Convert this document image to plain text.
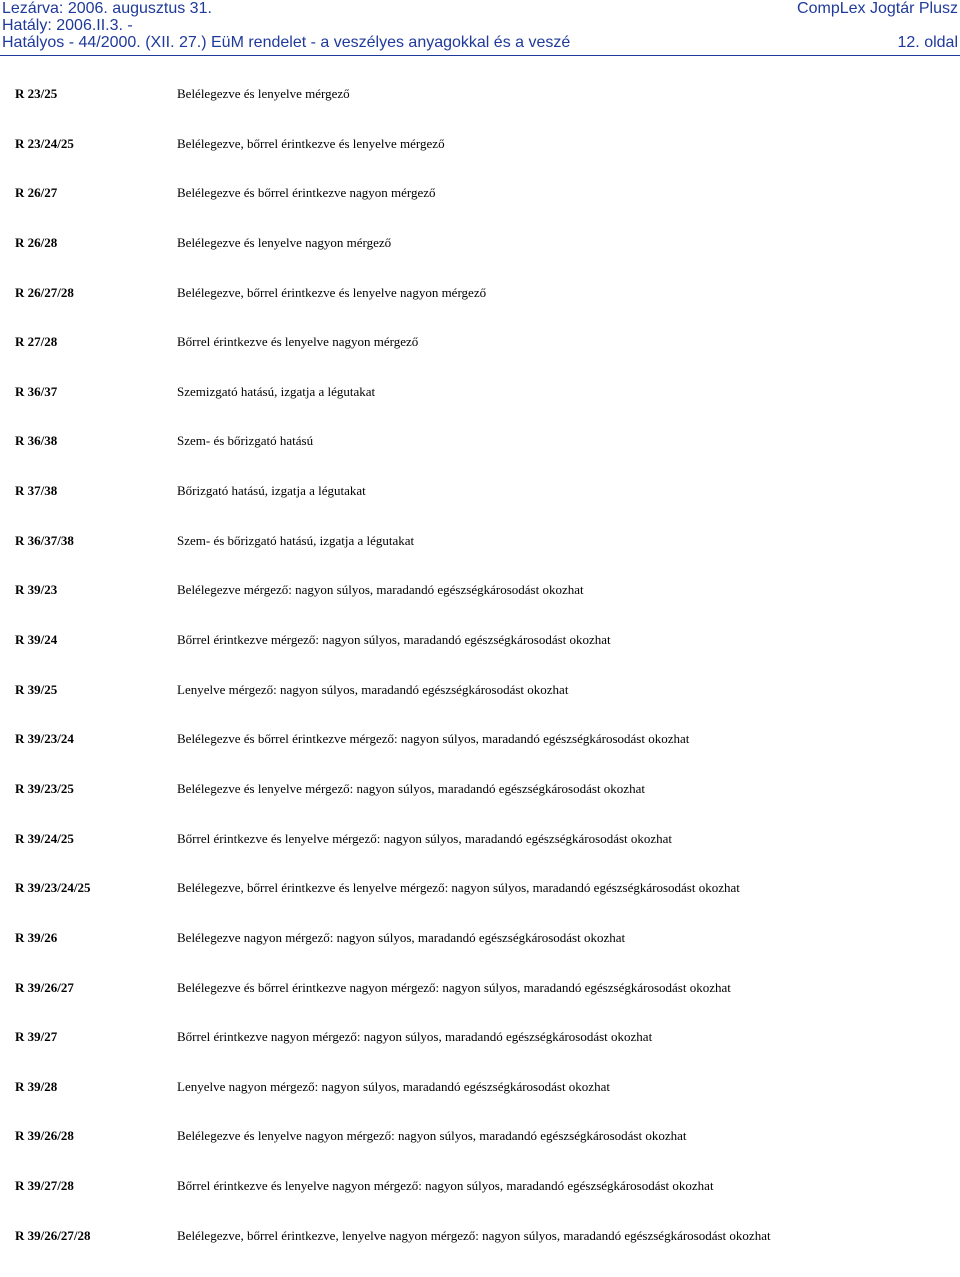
Lezárva: 2006. augusztus 31.	CompLex Jogtár Plusz
Hatály: 2006.II.3. -
Hatályos - 44/2000. (XII. 27.) EüM rendelet - a veszélyes anyagokkal és a veszé	12. oldal
R 23/25	Belélegezve és lenyelve mérgező
R 23/24/25	Belélegezve, bőrrel érintkezve és lenyelve mérgező
R 26/27	Belélegezve és bőrrel érintkezve nagyon mérgező
R 26/28	Belélegezve és lenyelve nagyon mérgező
R 26/27/28	Belélegezve, bőrrel érintkezve és lenyelve nagyon mérgező
R 27/28	Bőrrel érintkezve és lenyelve nagyon mérgező
R 36/37	Szemizgató hatású, izgatja a légutakat
R 36/38	Szem- és bőrizgató hatású
R 37/38	Bőrizgató hatású, izgatja a légutakat
R 36/37/38	Szem- és bőrizgató hatású, izgatja a légutakat
R 39/23	Belélegezve mérgező: nagyon súlyos, maradandó egészségkárosodást okozhat
R 39/24	Bőrrel érintkezve mérgező: nagyon súlyos, maradandó egészségkárosodást okozhat
R 39/25	Lenyelve mérgező: nagyon súlyos, maradandó egészségkárosodást okozhat
R 39/23/24	Belélegezve és bőrrel érintkezve mérgező: nagyon súlyos, maradandó egészségkárosodást okozhat
R 39/23/25	Belélegezve és lenyelve mérgező: nagyon súlyos, maradandó egészségkárosodást okozhat
R 39/24/25	Bőrrel érintkezve és lenyelve mérgező: nagyon súlyos, maradandó egészségkárosodást okozhat
R 39/23/24/25	Belélegezve, bőrrel érintkezve és lenyelve mérgező: nagyon súlyos, maradandó egészségkárosodást okozhat
R 39/26	Belélegezve nagyon mérgező: nagyon súlyos, maradandó egészségkárosodást okozhat
R 39/26/27	Belélegezve és bőrrel érintkezve nagyon mérgező: nagyon súlyos, maradandó egészségkárosodást okozhat
R 39/27	Bőrrel érintkezve nagyon mérgező: nagyon súlyos, maradandó egészségkárosodást okozhat
R 39/28	Lenyelve nagyon mérgező: nagyon súlyos, maradandó egészségkárosodást okozhat
R 39/26/28	Belélegezve és lenyelve nagyon mérgező: nagyon súlyos, maradandó egészségkárosodást okozhat
R 39/27/28	Bőrrel érintkezve és lenyelve nagyon mérgező: nagyon súlyos, maradandó egészségkárosodást okozhat
R 39/26/27/28	Belélegezve, bőrrel érintkezve, lenyelve nagyon mérgező: nagyon súlyos, maradandó egészségkárosodást okozhat
